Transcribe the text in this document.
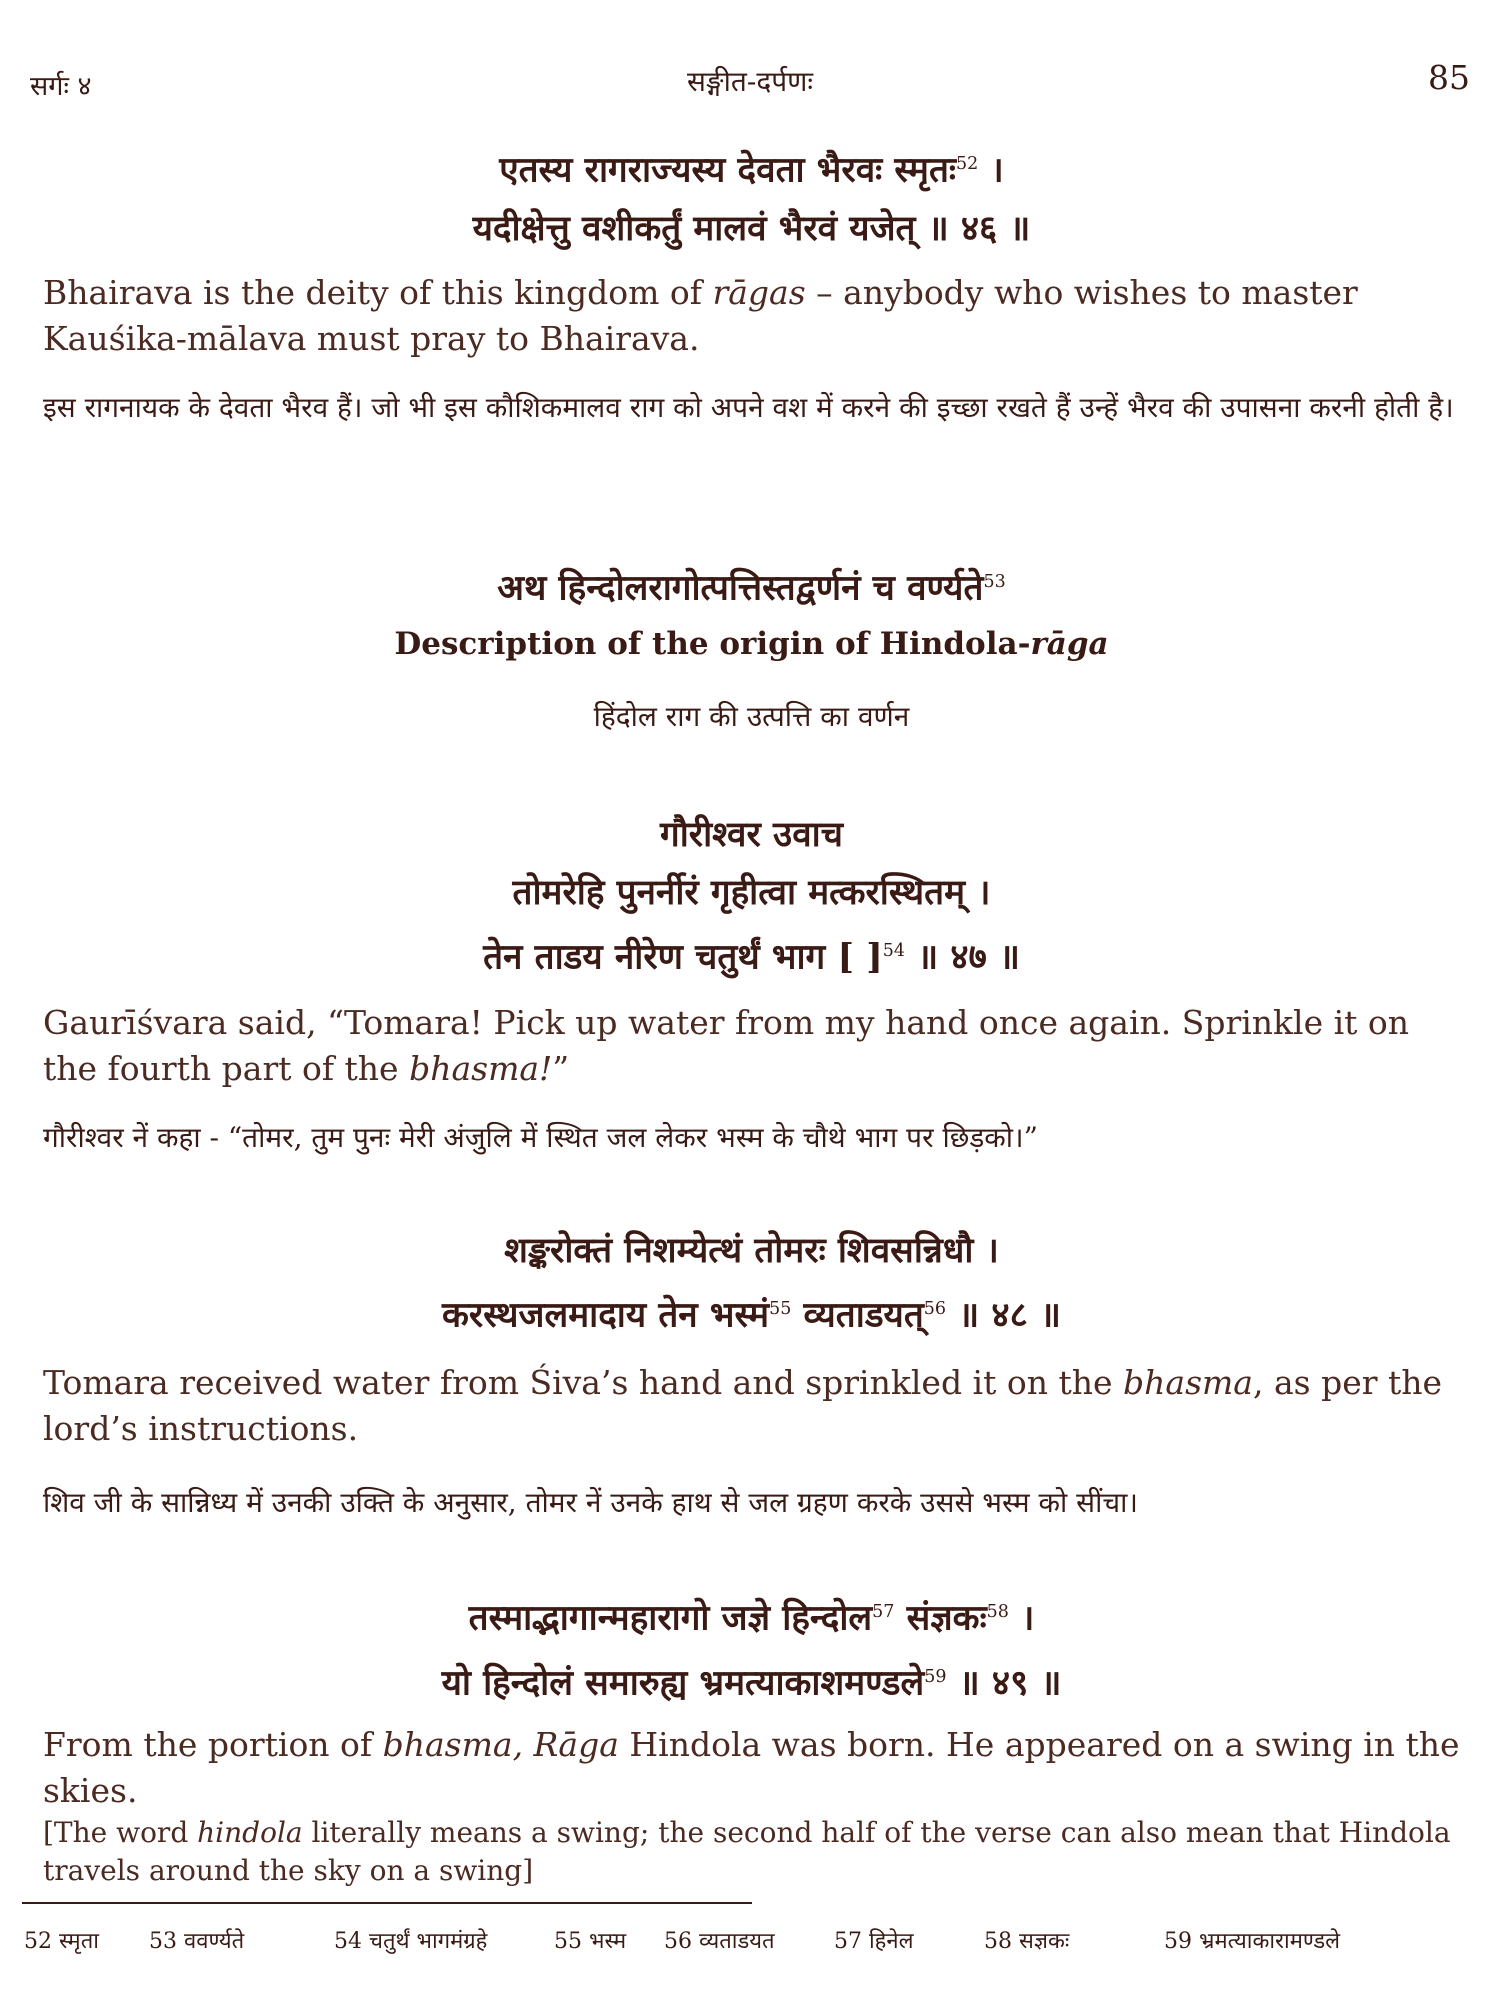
सर्गः ४	सङ्गीत-दर्पणः	85

एतस्य रागराज्यस्य देवता भैरवः स्मृतः$^{52}$ ।

यदीक्षेत्तु वशीकर्तुं मालवं भैरवं यजेत् ॥ ४६ ॥

Bhairava is the deity of this kingdom of rāgas – anybody who wishes to master Kauśika-mālava must pray to Bhairava.

इस रागनायक के देवता भैरव हैं। जो भी इस कौशिकमालव राग को अपने वश में करने की इच्छा रखते हैं उन्हें भैरव की उपासना करनी होती है।

अथ हिन्दोलरागोत्पत्तिस्तद्वर्णनं च वर्ण्यते$^{53}$

Description of the origin of Hindola-rāga

हिंदोल राग की उत्पत्ति का वर्णन

गौरीश्वर उवाच

तोमरेहि पुनर्नीरं गृहीत्वा मत्करस्थितम् ।

तेन ताडय नीरेण चतुर्थं भाग [ ]$^{54}$ ॥ ४७ ॥

Gaurīśvara said, “Tomara! Pick up water from my hand once again. Sprinkle it on the fourth part of the bhasma!”

गौरीश्वर नें कहा - “तोमर, तुम पुनः मेरी अंजुलि में स्थित जल लेकर भस्म के चौथे भाग पर छिड़को।”

शङ्करोक्तं निशम्येत्थं तोमरः शिवसन्निधौ ।

करस्थजलमादाय तेन भस्मं$^{55}$ व्यताडयत्$^{56}$ ॥ ४८ ॥

Tomara received water from Śiva’s hand and sprinkled it on the bhasma, as per the lord’s instructions.

शिव जी के सान्निध्य में उनकी उक्ति के अनुसार, तोमर नें उनके हाथ से जल ग्रहण करके उससे भस्म को सींचा।

तस्माद्भागान्महारागो जज्ञे हिन्दोल$^{57}$ संज्ञकः$^{58}$ ।

यो हिन्दोलं समारुह्य भ्रमत्याकाशमण्डले$^{59}$ ॥ ४९ ॥

From the portion of bhasma, Rāga Hindola was born. He appeared on a swing in the skies.

[The word hindola literally means a swing; the second half of the verse can also mean that Hindola travels around the sky on a swing]

52 स्मृता 53 ववर्ण्यते	54 चतुर्थं भागमंग्रहे	55 भस्म 56 व्यताडयत	57 हिनेल	58 सज्ञकः	59 भ्रमत्याकारामण्डले
